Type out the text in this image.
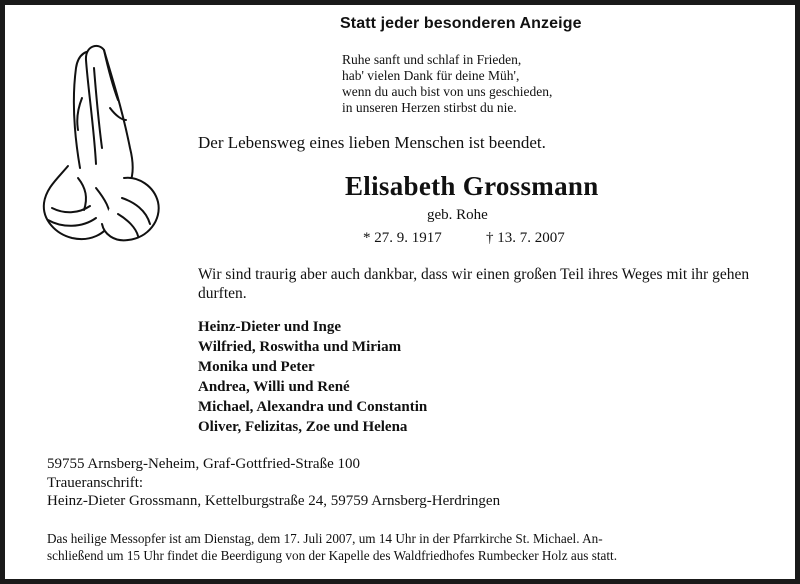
Statt jeder besonderen Anzeige
Ruhe sanft und schlaf in Frieden,
hab' vielen Dank für deine Müh',
wenn du auch bist von uns geschieden,
in unseren Herzen stirbst du nie.
Der Lebensweg eines lieben Menschen ist beendet.
Elisabeth Grossmann
geb. Rohe
* 27. 9. 1917	† 13. 7. 2007
Wir sind traurig aber auch dankbar, dass wir einen großen Teil ihres Weges mit ihr gehen durften.
Heinz-Dieter und Inge
Wilfried, Roswitha und Miriam
Monika und Peter
Andrea, Willi und René
Michael, Alexandra und Constantin
Oliver, Felizitas, Zoe und Helena
59755 Arnsberg-Neheim, Graf-Gottfried-Straße 100
Traueranschrift:
Heinz-Dieter Grossmann, Kettelburgstraße 24, 59759 Arnsberg-Herdringen
Das heilige Messopfer ist am Dienstag, dem 17. Juli 2007, um 14 Uhr in der Pfarrkirche St. Michael. An-
schließend um 15 Uhr findet die Beerdigung von der Kapelle des Waldfriedhofes Rumbecker Holz aus statt.
